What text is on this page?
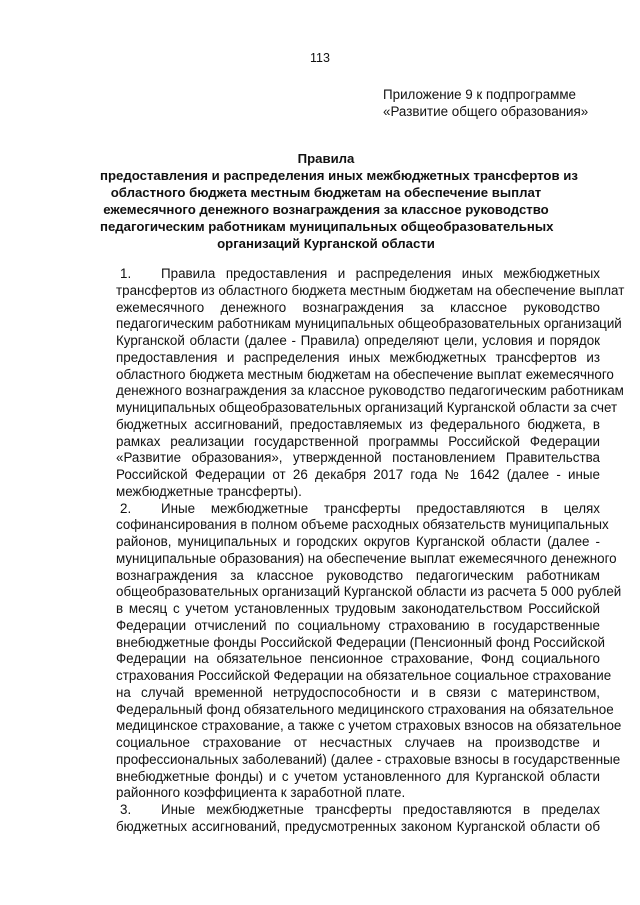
113
Приложение 9 к подпрограмме
«Развитие общего образования»
Правила
предоставления и распределения иных межбюджетных трансфертов из
областного бюджета местным бюджетам на обеспечение выплат
ежемесячного денежного вознаграждения за классное руководство
педагогическим работникам муниципальных общеобразовательных
организаций Курганской области
1. Правила предоставления и распределения иных межбюджетных
трансфертов из областного бюджета местным бюджетам на обеспечение выплат
ежемесячного денежного вознаграждения за классное руководство
педагогическим работникам муниципальных общеобразовательных организаций
Курганской области (далее - Правила) определяют цели, условия и порядок
предоставления и распределения иных межбюджетных трансфертов из
областного бюджета местным бюджетам на обеспечение выплат ежемесячного
денежного вознаграждения за классное руководство педагогическим работникам
муниципальных общеобразовательных организаций Курганской области за счет
бюджетных ассигнований, предоставляемых из федерального бюджета, в
рамках реализации государственной программы Российской Федерации
«Развитие образования», утвержденной постановлением Правительства
Российской Федерации от 26 декабря 2017 года № 1642 (далее - иные
межбюджетные трансферты).
2. Иные межбюджетные трансферты предоставляются в целях
софинансирования в полном объеме расходных обязательств муниципальных
районов, муниципальных и городских округов Курганской области (далее -
муниципальные образования) на обеспечение выплат ежемесячного денежного
вознаграждения за классное руководство педагогическим работникам
общеобразовательных организаций Курганской области из расчета 5 000 рублей
в месяц с учетом установленных трудовым законодательством Российской
Федерации отчислений по социальному страхованию в государственные
внебюджетные фонды Российской Федерации (Пенсионный фонд Российской
Федерации на обязательное пенсионное страхование, Фонд социального
страхования Российской Федерации на обязательное социальное страхование
на случай временной нетрудоспособности и в связи с материнством,
Федеральный фонд обязательного медицинского страхования на обязательное
медицинское страхование, а также с учетом страховых взносов на обязательное
социальное страхование от несчастных случаев на производстве и
профессиональных заболеваний) (далее - страховые взносы в государственные
внебюджетные фонды) и с учетом установленного для Курганской области
районного коэффициента к заработной плате.
3. Иные межбюджетные трансферты предоставляются в пределах
бюджетных ассигнований, предусмотренных законом Курганской области об
